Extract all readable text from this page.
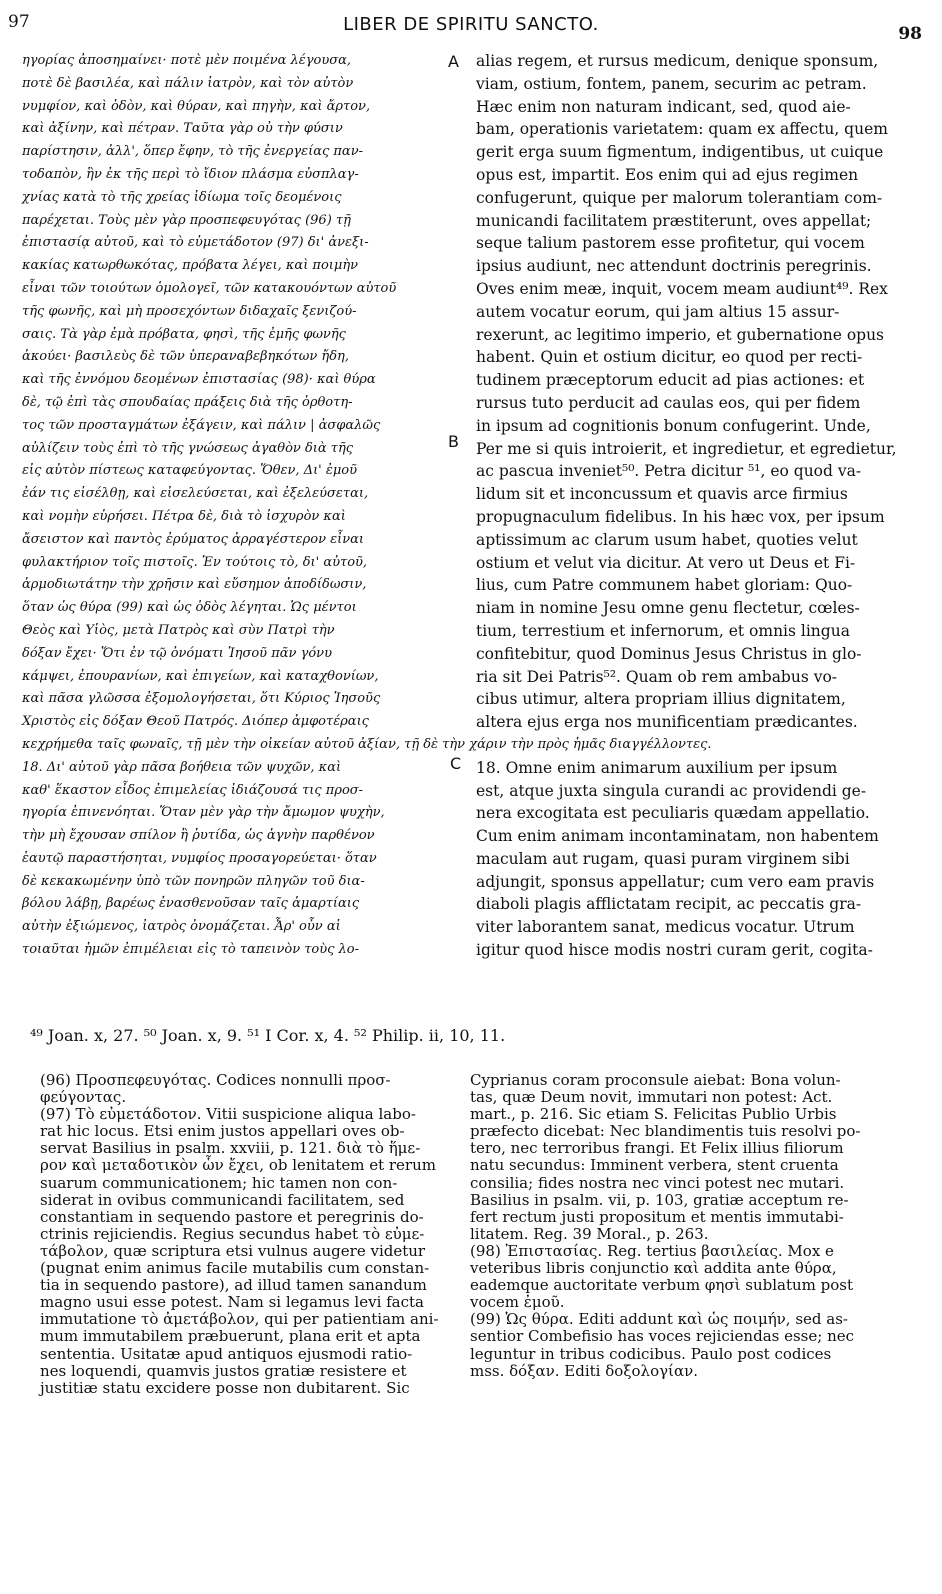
97	LIBER DE SPIRITU SANCTO.	98
ηγορίας ἀποσημαίνει· ποτὲ μὲν ποιμένα λέγουσα,
ποτὲ δὲ βασιλέα, καὶ πάλιν ἰατρὸν, καὶ τὸν αὐτὸν
νυμφίον, καὶ ὁδὸν, καὶ θύραν, καὶ πηγὴν, καὶ ἄρτον,
καὶ ἀξίνην, καὶ πέτραν. Ταῦτα γὰρ οὐ τὴν φύσιν
παρίστησιν, ἀλλ', ὅπερ ἔφην, τὸ τῆς ἐνεργείας παν-
τοδαπὸν, ἣν ἐκ τῆς περὶ τὸ ἴδιον πλάσμα εὐσπλαγ-
χνίας κατὰ τὸ τῆς χρείας ἰδίωμα τοῖς δεομένοις
παρέχεται. Τοὺς μὲν γὰρ προσπεφευγότας (96) τῇ
ἐπιστασίᾳ αὐτοῦ, καὶ τὸ εὐμετάδοτον (97) δι' ἀνεξι-
κακίας κατωρθωκότας, πρόβατα λέγει, καὶ ποιμὴν
εἶναι τῶν τοιούτων ὁμολογεῖ, τῶν κατακουόντων αὐτοῦ
τῆς φωνῆς, καὶ μὴ προσεχόντων διδαχαῖς ξενιζού-
σαις. Τὰ γὰρ ἐμὰ πρόβατα, φησὶ, τῆς ἐμῆς φωνῆς
ἀκούει· βασιλεὺς δὲ τῶν ὑπεραναβεβηκότων ἤδη,
καὶ τῆς ἐννόμου δεομένων ἐπιστασίας (98)· καὶ θύρα
δὲ, τῷ ἐπὶ τὰς σπουδαίας πράξεις διὰ τῆς ὀρθοτη-
τος τῶν προσταγμάτων ἐξάγειν, καὶ πάλιν | ἀσφαλῶς
αὐλίζειν τοὺς ἐπὶ τὸ τῆς γνώσεως ἀγαθὸν διὰ τῆς
εἰς αὐτὸν πίστεως καταφεύγοντας. Ὅθεν, Δι' ἐμοῦ
ἐάν τις εἰσέλθῃ, καὶ εἰσελεύσεται, καὶ ἐξελεύσεται,
καὶ νομὴν εὑρήσει. Πέτρα δὲ, διὰ τὸ ἰσχυρὸν καὶ
ἄσειστον καὶ παντὸς ἐρύματος ἀρραγέστερον εἶναι
φυλακτήριον τοῖς πιστοῖς. Ἐν τούτοις τὸ, δι' αὐτοῦ,
ἁρμοδιωτάτην τὴν χρῆσιν καὶ εὔσημον ἀποδίδωσιν,
ὅταν ὡς θύρα (99) καὶ ὡς ὁδὸς λέγηται. Ὡς μέντοι
Θεὸς καὶ Υἱὸς, μετὰ Πατρὸς καὶ σὺν Πατρὶ τὴν
δόξαν ἔχει· Ὅτι ἐν τῷ ὀνόματι Ἰησοῦ πᾶν γόνυ
κάμψει, ἐπουρανίων, καὶ ἐπιγείων, καὶ καταχθονίων,
καὶ πᾶσα γλῶσσα ἐξομολογήσεται, ὅτι Κύριος Ἰησοῦς
Χριστὸς εἰς δόξαν Θεοῦ Πατρός. Διόπερ ἀμφοτέραις
κεχρήμεθα ταῖς φωναῖς, τῇ μὲν τὴν οἰκείαν αὐτοῦ ἀξίαν, τῇ δὲ τὴν χάριν τὴν πρὸς ἡμᾶς διαγγέλλοντες.
18. Δι' αὐτοῦ γὰρ πᾶσα βοήθεια τῶν ψυχῶν, καὶ
καθ' ἕκαστον εἶδος ἐπιμελείας ἰδιάζουσά τις προσ-
ηγορία ἐπινενόηται. Ὅταν μὲν γὰρ τὴν ἄμωμον ψυχὴν,
τὴν μὴ ἔχουσαν σπίλον ἢ ῥυτίδα, ὡς ἁγνὴν παρθένον
ἑαυτῷ παραστήσηται, νυμφίος προσαγορεύεται· ὅταν
δὲ κεκακωμένην ὑπὸ τῶν πονηρῶν πληγῶν τοῦ δια-
βόλου λάβῃ, βαρέως ἐνασθενοῦσαν ταῖς ἁμαρτίαις
αὐτὴν ἐξιώμενος, ἰατρὸς ὀνομάζεται. Ἆρ' οὖν αἱ
τοιαῦται ἡμῶν ἐπιμέλειαι εἰς τὸ ταπεινὸν τοὺς λο-
alias regem, et rursus medicum, denique sponsum,
viam, ostium, fontem, panem, securim ac petram.
Hæc enim non naturam indicant, sed, quod aie-
bam, operationis varietatem: quam ex affectu, quem
gerit erga suum figmentum, indigentibus, ut cuique
opus est, impartit. Eos enim qui ad ejus regimen
confugerunt, quique per malorum tolerantiam com-
municandi facilitatem præstiterunt, oves appellat;
seque talium pastorem esse profitetur, qui vocem
ipsius audiunt, nec attendunt doctrinis peregrinis.
Oves enim meæ, inquit, vocem meam audiunt⁴⁹. Rex
autem vocatur eorum, qui jam altius 15 assur-
rexerunt, ac legitimo imperio, et gubernatione opus
habent. Quin et ostium dicitur, eo quod per recti-
tudinem præceptorum educit ad pias actiones: et
rursus tuto perducit ad caulas eos, qui per fidem
in ipsum ad cognitionis bonum confugerint. Unde,
Per me si quis introierit, et ingredietur, et egredietur,
ac pascua inveniet⁵⁰. Petra dicitur ⁵¹, eo quod va-
lidum sit et inconcussum et quavis arce firmius
propugnaculum fidelibus. In his hæc vox, per ipsum
aptissimum ac clarum usum habet, quoties velut
ostium et velut via dicitur. At vero ut Deus et Fi-
lius, cum Patre communem habet gloriam: Quo-
niam in nomine Jesu omne genu flectetur, cœles-
tium, terrestium et infernorum, et omnis lingua
confitebitur, quod Dominus Jesus Christus in glo-
ria sit Dei Patris⁵². Quam ob rem ambabus vo-
cibus utimur, altera propriam illius dignitatem,
altera ejus erga nos munificentiam prædicantes.

18. Omne enim animarum auxilium per ipsum
est, atque juxta singula curandi ac providendi ge-
nera excogitata est peculiaris quædam appellatio.
Cum enim animam incontaminatam, non habentem
maculam aut rugam, quasi puram virginem sibi
adjungit, sponsus appellatur; cum vero eam pravis
diaboli plagis afflictatam recipit, ac peccatis gra-
viter laborantem sanat, medicus vocatur. Utrum
igitur quod hisce modis nostri curam gerit, cogita-
A
B
C
⁴⁹ Joan. x, 27. ⁵⁰ Joan. x, 9. ⁵¹ I Cor. x, 4. ⁵² Philip. ii, 10, 11.
(96) Προσπεφευγότας. Codices nonnulli προσ-
φεύγοντας.
(97) Τὸ εὐμετάδοτον. Vitii suspicione aliqua labo-
rat hic locus. Etsi enim justos appellari oves ob-
servat Basilius in psalm. xxviii, p. 121. διὰ τὸ ἥμε-
ρον καὶ μεταδοτικὸν ὧν ἔχει, ob lenitatem et rerum
suarum communicationem; hic tamen non con-
siderat in ovibus communicandi facilitatem, sed
constantiam in sequendo pastore et peregrinis do-
ctrinis rejiciendis. Regius secundus habet τὸ εὐμε-
τάβολον, quæ scriptura etsi vulnus augere videtur
(pugnat enim animus facile mutabilis cum constan-
tia in sequendo pastore), ad illud tamen sanandum
magno usui esse potest. Nam si legamus levi facta
immutatione τὸ ἀμετάβολον, qui per patientiam ani-
mum immutabilem præbuerunt, plana erit et apta
sententia. Usitatæ apud antiquos ejusmodi ratio-
nes loquendi, quamvis justos gratiæ resistere et
justitiæ statu excidere posse non dubitarent. Sic
Cyprianus coram proconsule aiebat: Bona volun-
tas, quæ Deum novit, immutari non potest: Act.
mart., p. 216. Sic etiam S. Felicitas Publio Urbis
præfecto dicebat: Nec blandimentis tuis resolvi po-
tero, nec terroribus frangi. Et Felix illius filiorum
natu secundus: Imminent verbera, stent cruenta
consilia; fides nostra nec vinci potest nec mutari.
Basilius in psalm. vii, p. 103, gratiæ acceptum re-
fert rectum justi propositum et mentis immutabi-
litatem. Reg. 39 Moral., p. 263.
(98) Ἐπιστασίας. Reg. tertius βασιλείας. Mox e
veteribus libris conjunctio καὶ addita ante θύρα,
eademque auctoritate verbum φησὶ sublatum post
vocem ἐμοῦ.
(99) Ὡς θύρα. Editi addunt καὶ ὡς ποιμήν, sed as-
sentior Combefisio has voces rejiciendas esse; nec
leguntur in tribus codicibus. Paulo post codices
mss. δόξαν. Editi δοξολογίαν.
